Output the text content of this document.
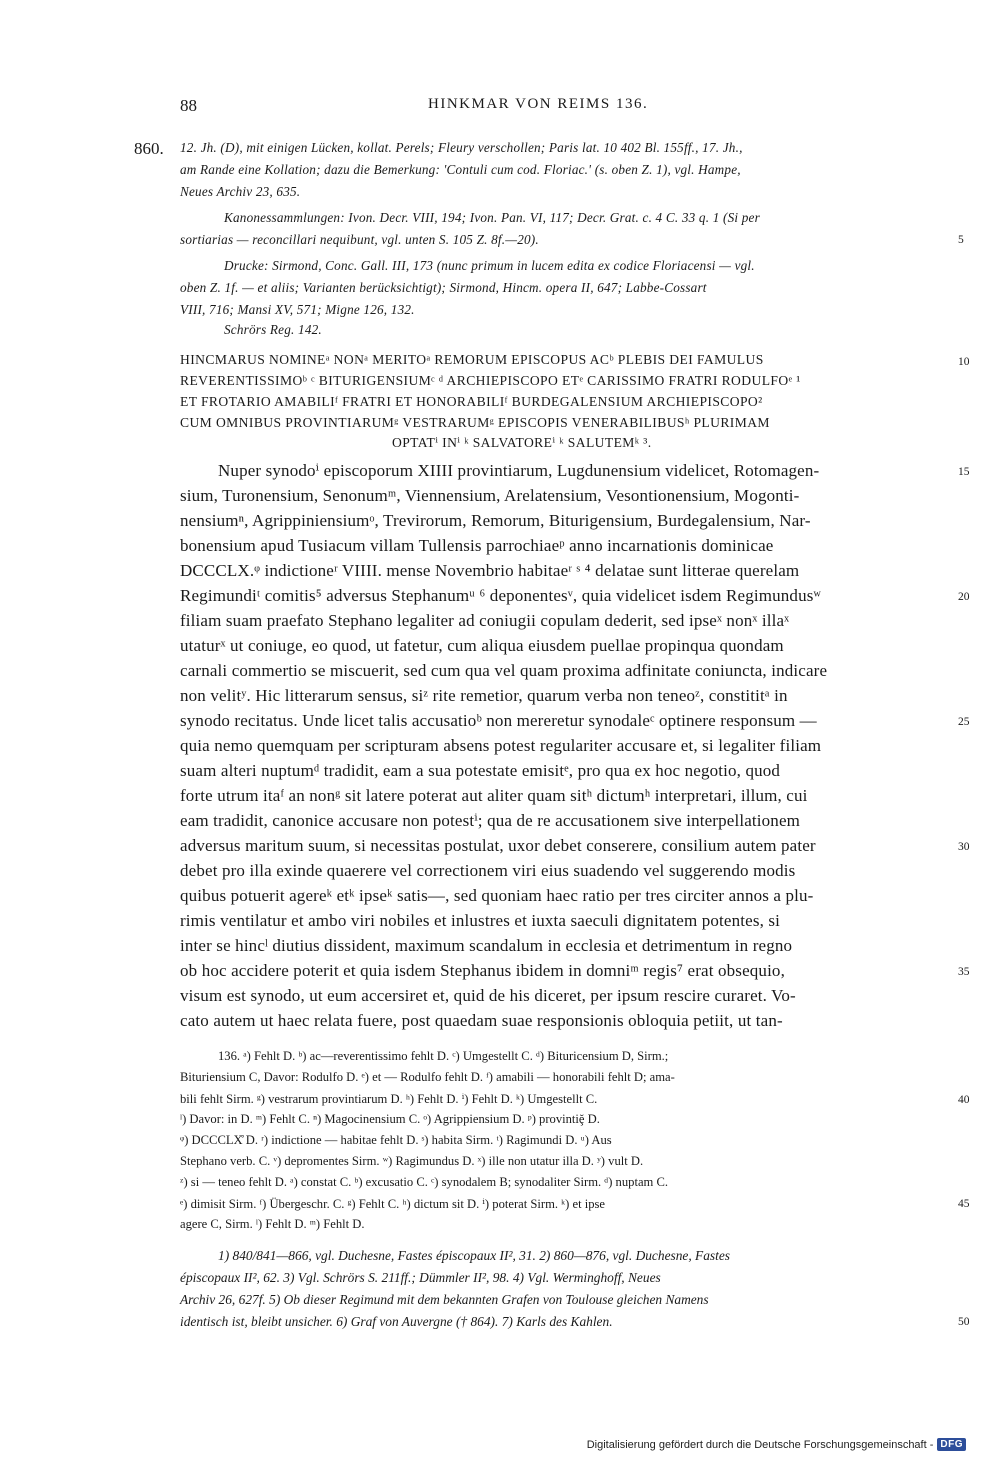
88	HINKMAR VON REIMS 136.
860. 12. Jh. (D), mit einigen Lücken, kollat. Perels; Fleury verschollen; Paris lat. 10 402 Bl. 155ff., 17. Jh.,
am Rande eine Kollation; dazu die Bemerkung: 'Contuli cum cod. Floriac.' (s. oben Z. 1), vgl. Hampe,
Neues Archiv 23, 635.
Kanonessammlungen: Ivon. Decr. VIII, 194; Ivon. Pan. VI, 117; Decr. Grat. c. 4 C. 33 q. 1 (Si per
sortiarias — reconcillari nequibunt, vgl. unten S. 105 Z. 8f.—20).
Drucke: Sirmond, Conc. Gall. III, 173 (nunc primum in lucem edita ex codice Floriacensi — vgl.
oben Z. 1f. — et aliis; Varianten berücksichtigt); Sirmond, Hincm. opera II, 647; Labbe-Cossart
VIII, 716; Mansi XV, 571; Migne 126, 132.
Schrörs Reg. 142.
HINCMARUS NOMINEᵃ NONᵃ MERITOᵃ REMORUM EPISCOPUS ACᵇ PLEBIS DEI FAMULUS
REVERENTISSIMOᵇ ᶜ BITURIGENSIUMᶜ ᵈ ARCHIEPISCOPO ETᵉ CARISSIMO FRATRI RODULFOᵉ ¹
ET FROTARIO AMABILIᶠ FRATRI ET HONORABILIᶠ BURDEGALENSIUM ARCHIEPISCOPO²
CUM OMNIBUS PROVINTIARUMᵍ VESTRARUMᵍ EPISCOPIS VENERABILIBUSʰ PLURIMAM
OPTATⁱ INⁱ ᵏ SALVATOREⁱ ᵏ SALUTEMᵏ ³.
Nuper synodoⁱ episcoporum XIIII provintiarum, Lugdunensium videlicet, Rotomagen-
sium, Turonensium, Senonumᵐ, Viennensium, Arelatensium, Vesontionensium, Mogonti-
nensiumⁿ, Agrippiniensiumᵒ, Trevirorum, Remorum, Biturigensium, Burdegalensium, Nar-
bonensium apud Tusiacum villam Tullensis parrochiaeᵖ anno incarnationis dominicae
DCCCLX.ᵠ indictioneʳ VIIII. mense Novembrio habitaeʳ ˢ ⁴ delatae sunt litterae querelam
Regimundiᵗ comitis⁵ adversus Stephanumᵘ ⁶ deponentesᵛ, quia videlicet isdem Regimundusʷ
filiam suam praefato Stephano legaliter ad coniugii copulam dederit, sed ipseˣ nonˣ illaˣ
utaturˣ ut coniuge, eo quod, ut fatetur, cum aliqua eiusdem puellae propinqua quondam
carnali commertio se miscuerit, sed cum qua vel quam proxima adfinitate coniuncta, indicare
non velitʸ. Hic litterarum sensus, siᶻ rite remetior, quarum verba non teneoᶻ, constititᵃ in
synodo recitatus. Unde licet talis accusatioᵇ non mereretur synodaleᶜ optinere responsum —
quia nemo quemquam per scripturam absens potest regulariter accusare et, si legaliter filiam
suam alteri nuptumᵈ tradidit, eam a sua potestate emisitᵉ, pro qua ex hoc negotio, quod
forte utrum itaᶠ an nonᵍ sit latere poterat aut aliter quam sitʰ dictumʰ interpretari, illum, cui
eam tradidit, canonice accusare non potestⁱ; qua de re accusationem sive interpellationem
adversus maritum suum, si necessitas postulat, uxor debet conserere, consilium autem pater
debet pro illa exinde quaerere vel correctionem viri eius suadendo vel suggerendo modis
quibus potuerit agereᵏ etᵏ ipseᵏ satis—, sed quoniam haec ratio per tres circiter annos a plu-
rimis ventilatur et ambo viri nobiles et inlustres et iuxta saeculi dignitatem potentes, si
inter se hincˡ diutius dissident, maximum scandalum in ecclesia et detrimentum in regno
ob hoc accidere poterit et quia isdem Stephanus ibidem in domniᵐ regis⁷ erat obsequio,
visum est synodo, ut eum accersiret et, quid de his diceret, per ipsum rescire curaret. Vo-
cato autem ut haec relata fuere, post quaedam suae responsionis obloquia petiit, ut tan-
136. ᵃ) Fehlt D. ᵇ) ac—reverentissimo fehlt D. ᶜ) Umgestellt C. ᵈ) Bituricensium D, Sirm.;
Bituriensium C, Davor: Rodulfo D. ᵉ) et — Rodulfo fehlt D. ᶠ) amabili — honorabili fehlt D; ama-
bili fehlt Sirm. ᵍ) vestrarum provintiarum D. ʰ) Fehlt D. ⁱ) Fehlt D. ᵏ) Umgestellt C.
ˡ) Davor: in D. ᵐ) Fehlt C. ⁿ) Magocinensium C. ᵒ) Agrippiensium D. ᵖ) provintiḝ D.
ᵠ) DCCCLX̊ D. ʳ) indictione — habitae fehlt D. ˢ) habita Sirm. ᵗ) Ragimundi D. ᵘ) Aus
Stephano verb. C. ᵛ) depromentes Sirm. ʷ) Ragimundus D. ˣ) ille non utatur illa D. ʸ) vult D.
ᶻ) si — teneo fehlt D. ᵃ) constat C. ᵇ) excusatio C. ᶜ) synodalem B; synodaliter Sirm. ᵈ) nuptam C.
ᵉ) dimisit Sirm. ᶠ) Übergeschr. C. ᵍ) Fehlt C. ʰ) dictum sit D. ⁱ) poterat Sirm. ᵏ) et ipse
agere C, Sirm. ˡ) Fehlt D. ᵐ) Fehlt D.
1) 840/841—866, vgl. Duchesne, Fastes épiscopaux II², 31. 2) 860—876, vgl. Duchesne, Fastes
épiscopaux II², 62. 3) Vgl. Schrörs S. 211ff.; Dümmler II², 98. 4) Vgl. Werminghoff, Neues
Archiv 26, 627f. 5) Ob dieser Regimund mit dem bekannten Grafen von Toulouse gleichen Namens
identisch ist, bleibt unsicher. 6) Graf von Auvergne († 864). 7) Karls des Kahlen.
5
10
15
20
25
30
35
40
45
50
Digitalisierung gefördert durch die Deutsche Forschungsgemeinschaft - DFG
